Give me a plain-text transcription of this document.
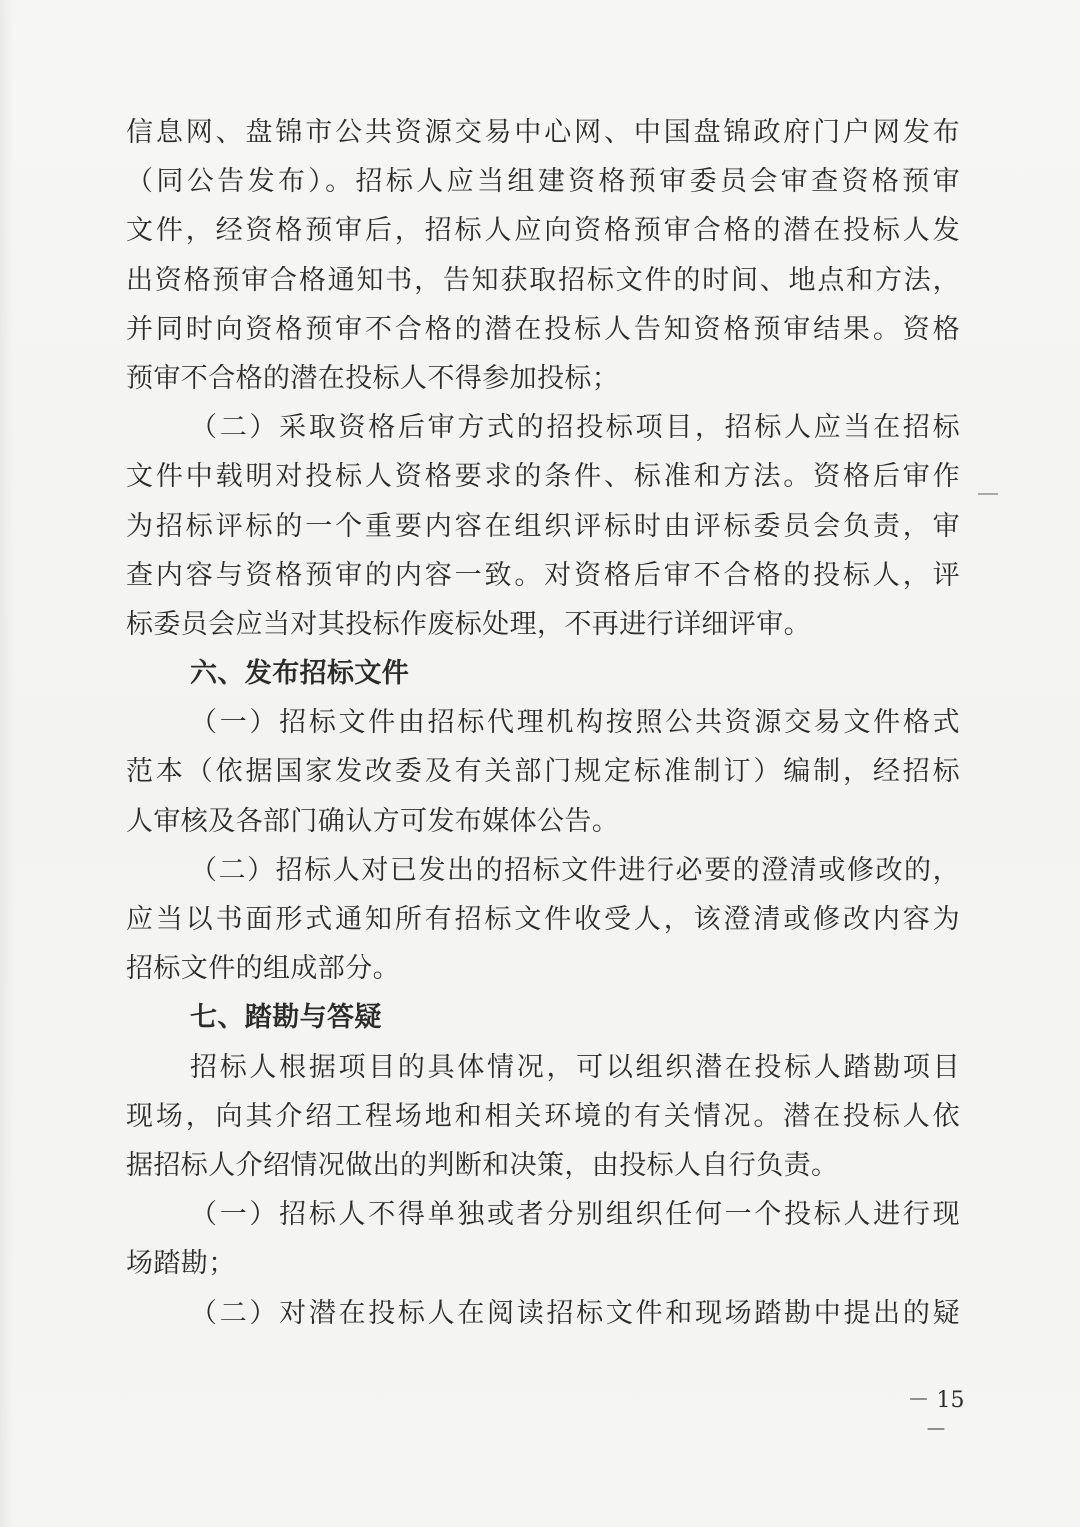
信息网、盘锦市公共资源交易中心网、中国盘锦政府门户网发布
（同公告发布）。招标人应当组建资格预审委员会审查资格预审
文件，经资格预审后，招标人应向资格预审合格的潜在投标人发
出资格预审合格通知书，告知获取招标文件的时间、地点和方法，
并同时向资格预审不合格的潜在投标人告知资格预审结果。资格
预审不合格的潜在投标人不得参加投标；
（二）采取资格后审方式的招投标项目，招标人应当在招标
文件中载明对投标人资格要求的条件、标准和方法。资格后审作
为招标评标的一个重要内容在组织评标时由评标委员会负责，审
查内容与资格预审的内容一致。对资格后审不合格的投标人，评
标委员会应当对其投标作废标处理，不再进行详细评审。
六、发布招标文件
（一）招标文件由招标代理机构按照公共资源交易文件格式
范本（依据国家发改委及有关部门规定标准制订）编制，经招标
人审核及各部门确认方可发布媒体公告。
（二）招标人对已发出的招标文件进行必要的澄清或修改的，
应当以书面形式通知所有招标文件收受人，该澄清或修改内容为
招标文件的组成部分。
七、踏勘与答疑
招标人根据项目的具体情况，可以组织潜在投标人踏勘项目
现场，向其介绍工程场地和相关环境的有关情况。潜在投标人依
据招标人介绍情况做出的判断和决策，由投标人自行负责。
（一）招标人不得单独或者分别组织任何一个投标人进行现
场踏勘；
（二）对潜在投标人在阅读招标文件和现场踏勘中提出的疑
－ 15 －
